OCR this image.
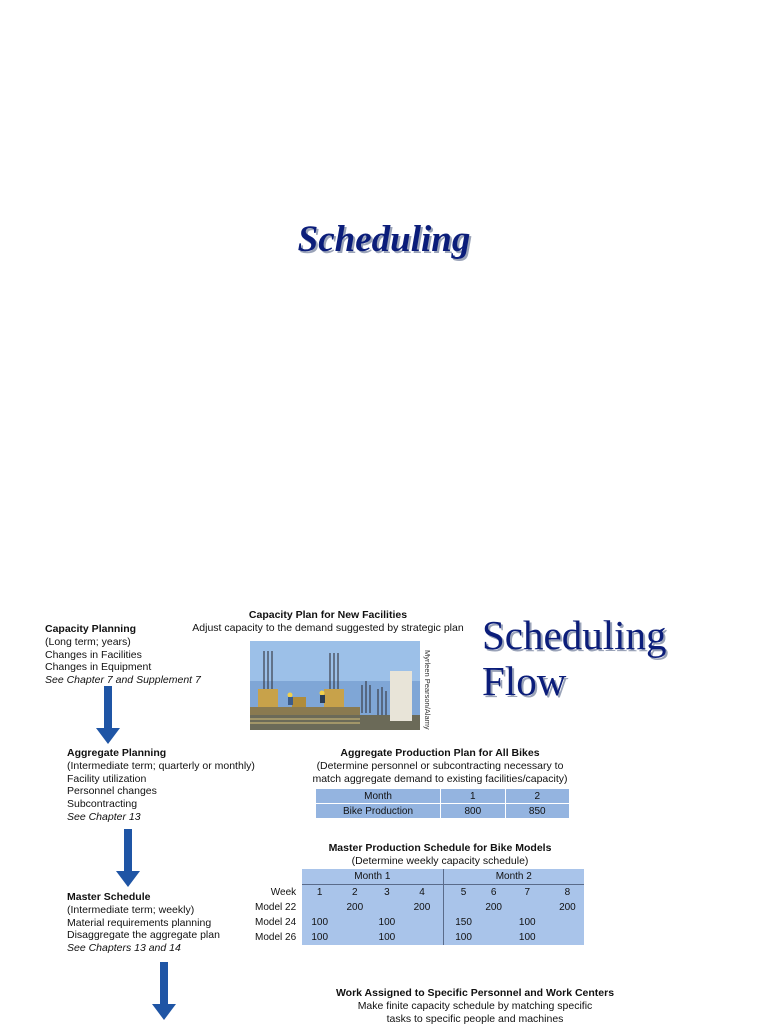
Scheduling
Scheduling
Flow
Capacity Planning
(Long term; years)
Changes in Facilities
Changes in Equipment
See Chapter 7 and Supplement 7
Capacity Plan for New Facilities
Adjust capacity to the demand suggested by strategic plan
Myrleen Pearson/Alamy
Aggregate Planning
(Intermediate term; quarterly or monthly)
Facility utilization
Personnel changes
Subcontracting
See Chapter 13
Aggregate Production Plan for All Bikes
(Determine personnel or subcontracting necessary to
match aggregate demand to existing facilities/capacity)
Month	1	2
Bike Production	800	850
Master Production Schedule for Bike Models
(Determine weekly capacity schedule)
	Month 1				Month 2			
Week	1	2	3	4	5	6	7	8
Model 22		200		200		200		200
Model 24	100		100		150		100	
Model 26	100		100		100		100	
Master Schedule
(Intermediate term; weekly)
Material requirements planning
Disaggregate the aggregate plan
See Chapters 13 and 14
Work Assigned to Specific Personnel and Work Centers
Make finite capacity schedule by matching specific
tasks to specific people and machines
